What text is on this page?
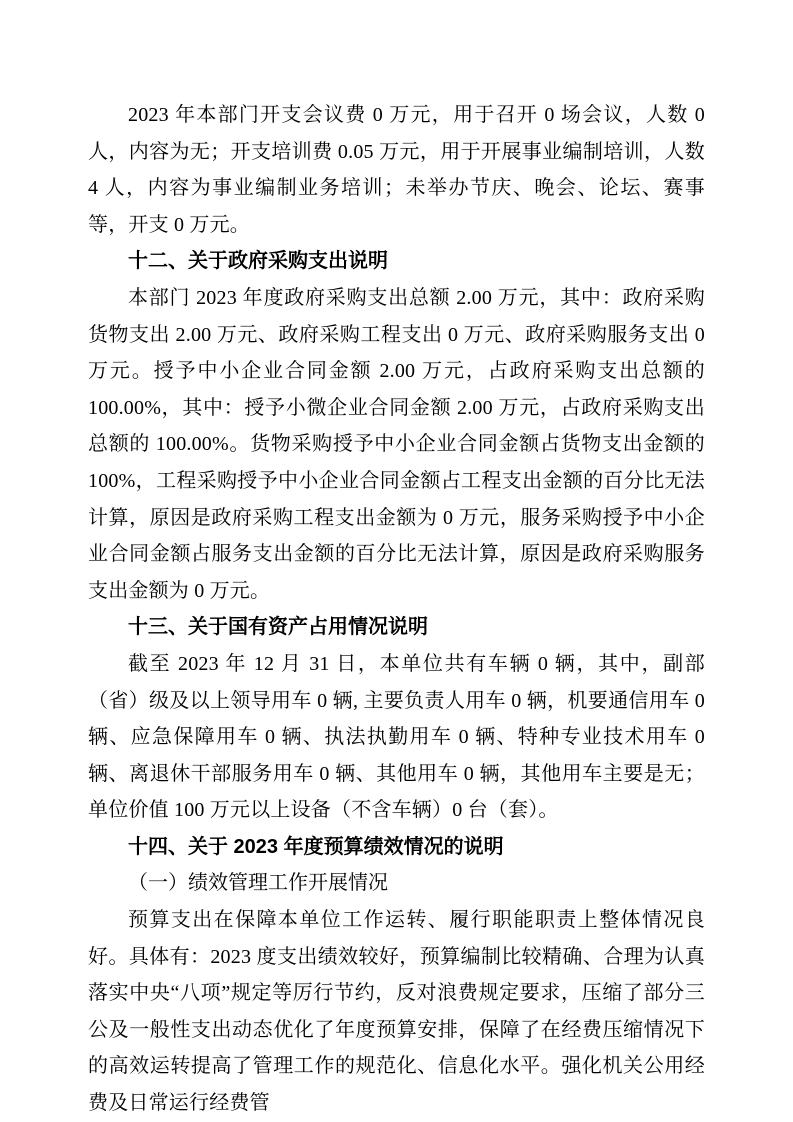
2023 年本部门开支会议费 0 万元，用于召开 0 场会议，人数 0 人，内容为无；开支培训费 0.05 万元，用于开展事业编制培训，人数 4 人，内容为事业编制业务培训；未举办节庆、晚会、论坛、赛事等，开支 0 万元。

十二、关于政府采购支出说明

本部门 2023 年度政府采购支出总额 2.00 万元，其中：政府采购货物支出 2.00 万元、政府采购工程支出 0 万元、政府采购服务支出 0 万元。授予中小企业合同金额 2.00 万元，占政府采购支出总额的 100.00%，其中：授予小微企业合同金额 2.00 万元，占政府采购支出总额的 100.00%。货物采购授予中小企业合同金额占货物支出金额的 100%，工程采购授予中小企业合同金额占工程支出金额的百分比无法计算，原因是政府采购工程支出金额为 0 万元，服务采购授予中小企业合同金额占服务支出金额的百分比无法计算，原因是政府采购服务支出金额为 0 万元。

十三、关于国有资产占用情况说明

截至 2023 年 12 月 31 日，本单位共有车辆 0 辆，其中，副部（省）级及以上领导用车 0 辆, 主要负责人用车 0 辆，机要通信用车 0 辆、应急保障用车 0 辆、执法执勤用车 0 辆、特种专业技术用车 0 辆、离退休干部服务用车 0 辆、其他用车 0 辆，其他用车主要是无；单位价值 100 万元以上设备（不含车辆）0 台（套）。

十四、关于 2023 年度预算绩效情况的说明
（一）绩效管理工作开展情况

预算支出在保障本单位工作运转、履行职能职责上整体情况良好。具体有：2023 度支出绩效较好，预算编制比较精确、合理为认真落实中央“八项”规定等厉行节约，反对浪费规定要求，压缩了部分三公及一般性支出动态优化了年度预算安排，保障了在经费压缩情况下的高效运转提高了管理工作的规范化、信息化水平。强化机关公用经费及日常运行经费管
